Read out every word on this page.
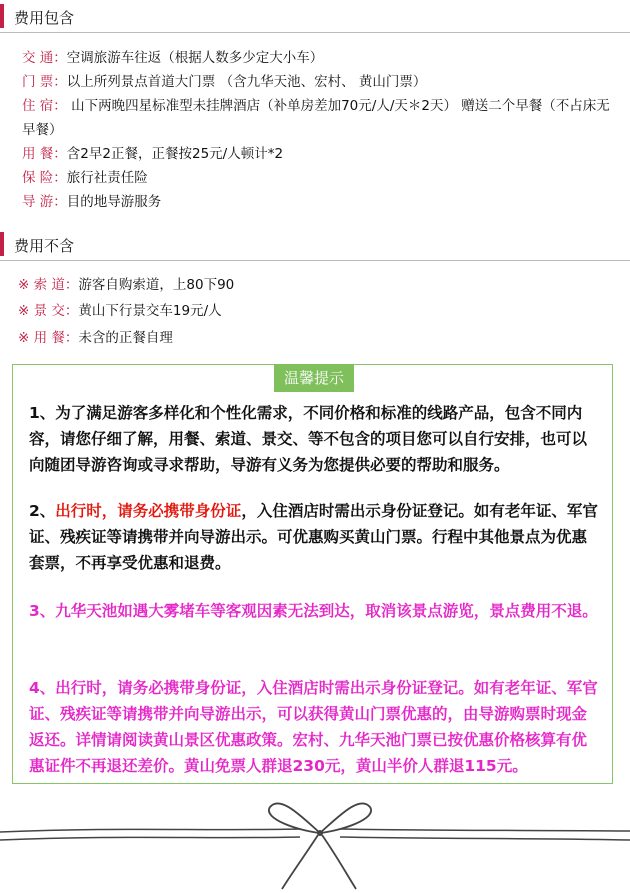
费用包含
交 通：空调旅游车往返（根据人数多少定大小车）
门 票：以上所列景点首道大门票 （含九华天池、宏村、 黄山门票）
住 宿： 山下两晚四星标准型未挂牌酒店（补单房差加70元/人/天＊2天） 赠送二个早餐（不占床无早餐）
用 餐：含2早2正餐，正餐按25元/人顿计*2
保 险：旅行社责任险
导 游：目的地导游服务
费用不含
※ 索 道：游客自购索道，上80下90
※ 景 交：黄山下行景交车19元/人
※ 用 餐：未含的正餐自理
温馨提示
1、为了满足游客多样化和个性化需求，不同价格和标准的线路产品，包含不同内容，请您仔细了解，用餐、索道、景交、等不包含的项目您可以自行安排，也可以向随团导游咨询或寻求帮助，导游有义务为您提供必要的帮助和服务。
2、出行时，请务必携带身份证，入住酒店时需出示身份证登记。如有老年证、军官证、残疾证等请携带并向导游出示。可优惠购买黄山门票。行程中其他景点为优惠套票，不再享受优惠和退费。
3、九华天池如遇大雾堵车等客观因素无法到达，取消该景点游览，景点费用不退。
4、出行时，请务必携带身份证，入住酒店时需出示身份证登记。如有老年证、军官证、残疾证等请携带并向导游出示，可以获得黄山门票优惠的，由导游购票时现金返还。详情请阅读黄山景区优惠政策。宏村、九华天池门票已按优惠价格核算有优惠证件不再退还差价。黄山免票人群退230元，黄山半价人群退115元。
